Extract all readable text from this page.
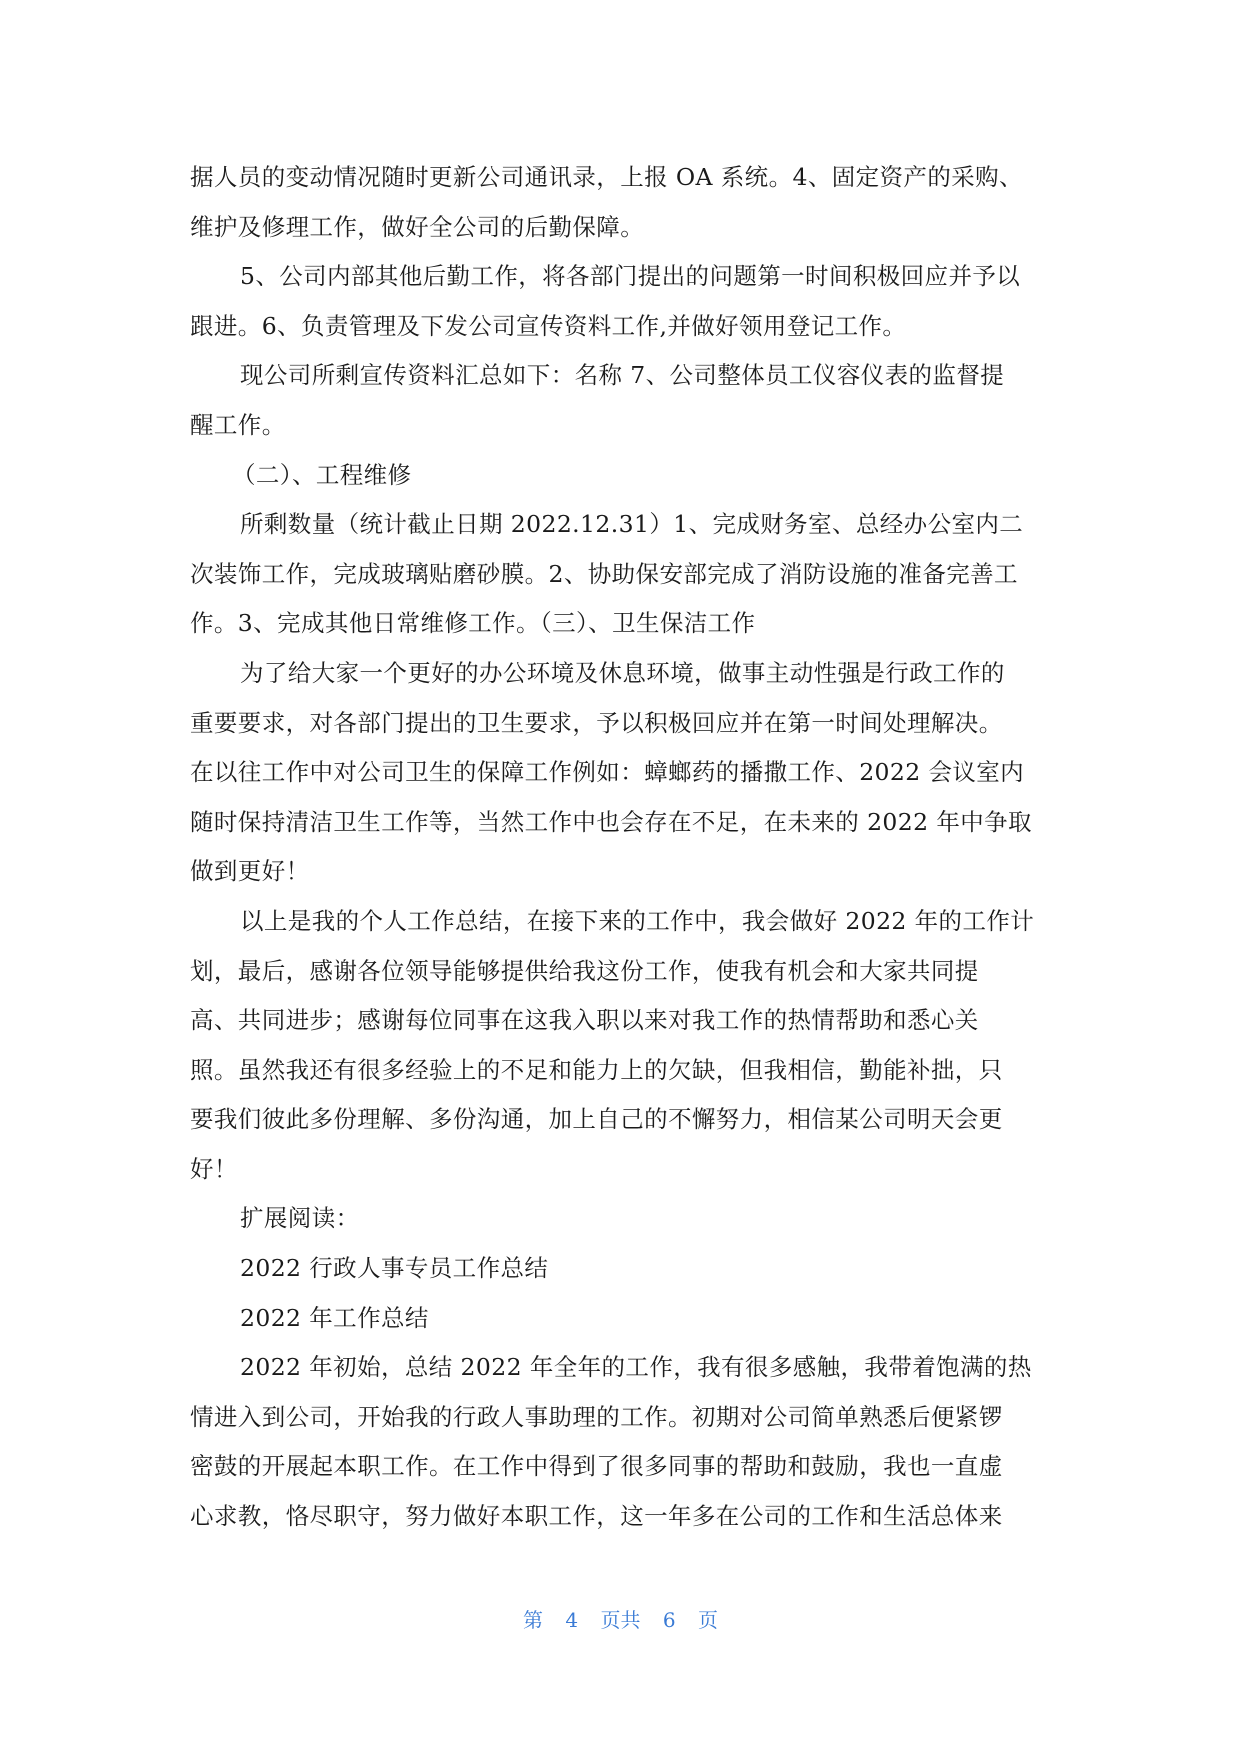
据人员的变动情况随时更新公司通讯录，上报 OA 系统。4、固定资产的采购、
维护及修理工作，做好全公司的后勤保障。
5、公司内部其他后勤工作，将各部门提出的问题第一时间积极回应并予以
跟进。6、负责管理及下发公司宣传资料工作,并做好领用登记工作。
现公司所剩宣传资料汇总如下：名称 7、公司整体员工仪容仪表的监督提
醒工作。
（二）、工程维修
所剩数量（统计截止日期 2022.12.31）1、完成财务室、总经办公室内二
次装饰工作，完成玻璃贴磨砂膜。2、协助保安部完成了消防设施的准备完善工
作。3、完成其他日常维修工作。（三）、卫生保洁工作
为了给大家一个更好的办公环境及休息环境，做事主动性强是行政工作的
重要要求，对各部门提出的卫生要求，予以积极回应并在第一时间处理解决。
在以往工作中对公司卫生的保障工作例如：蟑螂药的播撒工作、2022 会议室内
随时保持清洁卫生工作等，当然工作中也会存在不足，在未来的 2022 年中争取
做到更好！
以上是我的个人工作总结，在接下来的工作中，我会做好 2022 年的工作计
划，最后，感谢各位领导能够提供给我这份工作，使我有机会和大家共同提
高、共同进步；感谢每位同事在这我入职以来对我工作的热情帮助和悉心关
照。虽然我还有很多经验上的不足和能力上的欠缺，但我相信，勤能补拙，只
要我们彼此多份理解、多份沟通，加上自己的不懈努力，相信某公司明天会更
好！
扩展阅读：
2022 行政人事专员工作总结
2022 年工作总结
2022 年初始，总结 2022 年全年的工作，我有很多感触，我带着饱满的热
情进入到公司，开始我的行政人事助理的工作。初期对公司简单熟悉后便紧锣
密鼓的开展起本职工作。在工作中得到了很多同事的帮助和鼓励，我也一直虚
心求教，恪尽职守，努力做好本职工作，这一年多在公司的工作和生活总体来
第 4 页共 6 页
